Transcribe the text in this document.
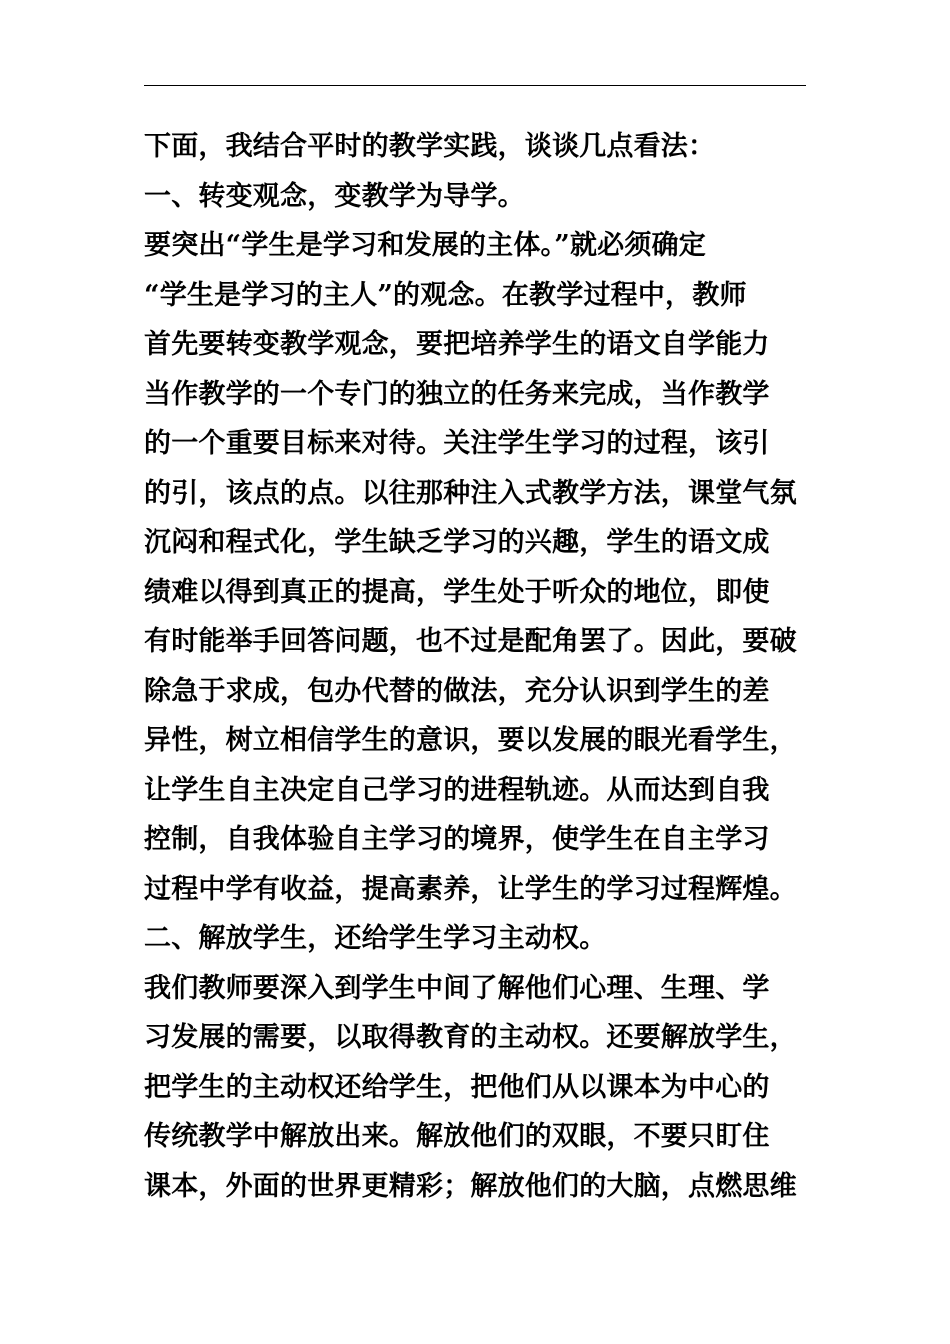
下面，我结合平时的教学实践，谈谈几点看法：
一、转变观念，变教学为导学。
要突出“学生是学习和发展的主体。”就必须确定
“学生是学习的主人”的观念。在教学过程中，教师
首先要转变教学观念，要把培养学生的语文自学能力
当作教学的一个专门的独立的任务来完成，当作教学
的一个重要目标来对待。关注学生学习的过程，该引
的引，该点的点。以往那种注入式教学方法，课堂气氛
沉闷和程式化，学生缺乏学习的兴趣，学生的语文成
绩难以得到真正的提高，学生处于听众的地位，即使
有时能举手回答问题，也不过是配角罢了。因此，要破
除急于求成，包办代替的做法，充分认识到学生的差
异性，树立相信学生的意识，要以发展的眼光看学生，
让学生自主决定自己学习的进程轨迹。从而达到自我
控制，自我体验自主学习的境界，使学生在自主学习
过程中学有收益，提高素养，让学生的学习过程辉煌。
二、解放学生，还给学生学习主动权。
我们教师要深入到学生中间了解他们心理、生理、学
习发展的需要，以取得教育的主动权。还要解放学生，
把学生的主动权还给学生，把他们从以课本为中心的
传统教学中解放出来。解放他们的双眼，不要只盯住
课本，外面的世界更精彩；解放他们的大脑，点燃思维
